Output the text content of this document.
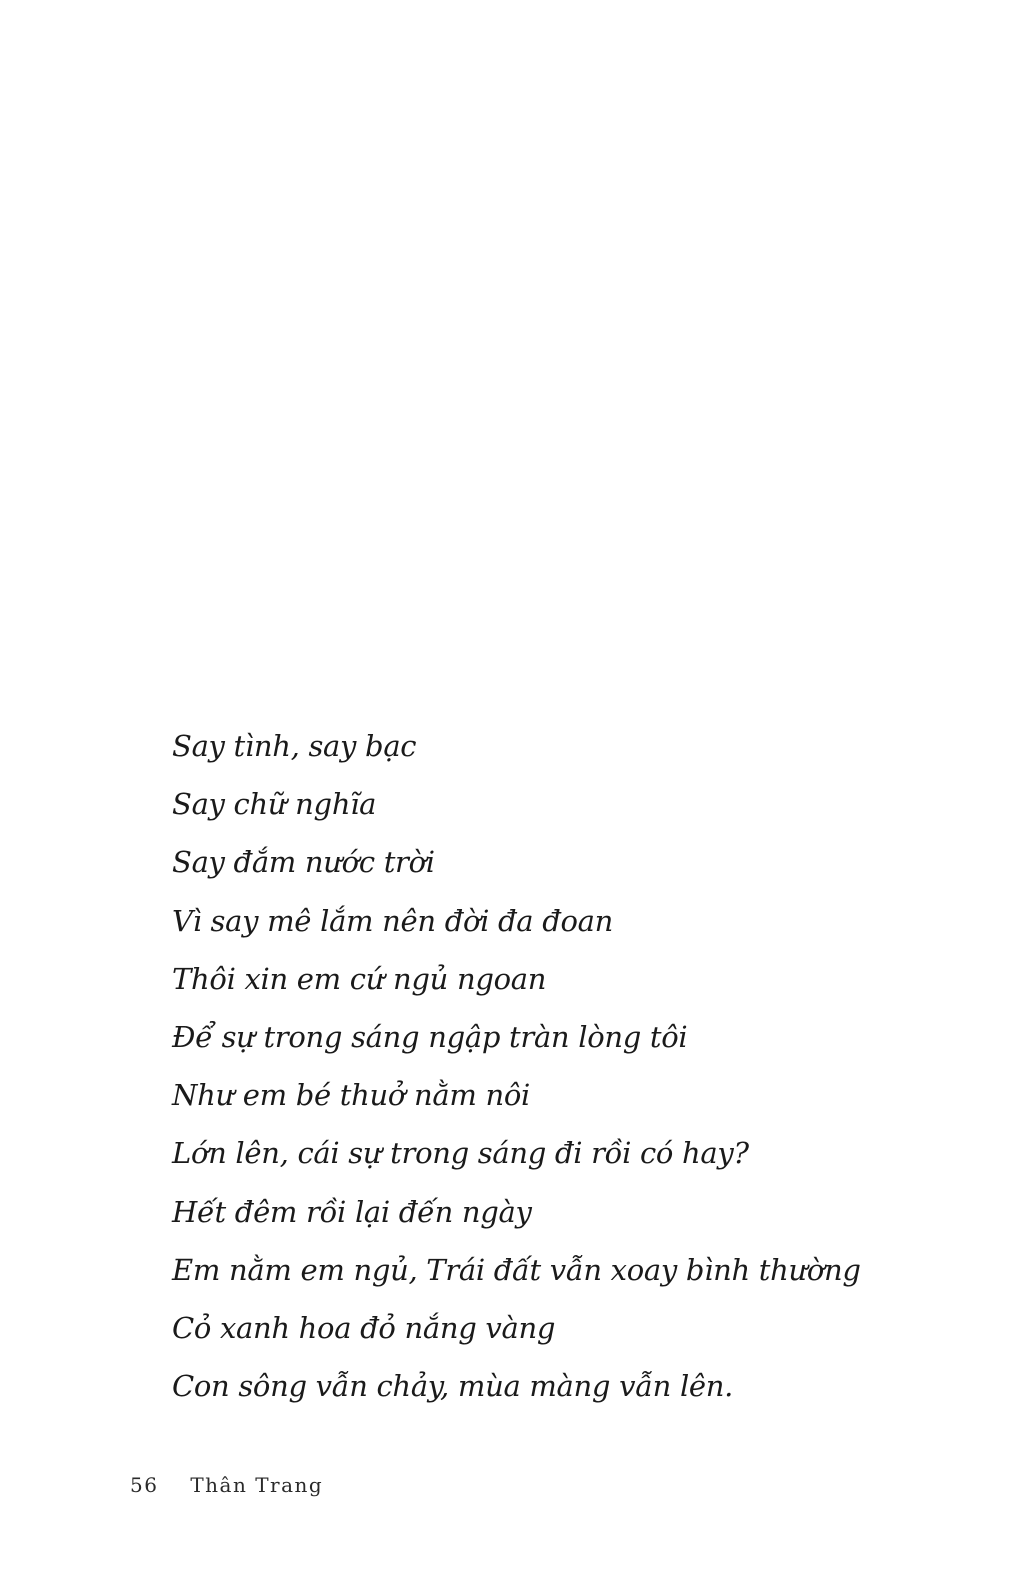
Say tình, say bạc
Say chữ nghĩa
Say đắm nước trời
Vì say mê lắm nên đời đa đoan
Thôi xin em cứ ngủ ngoan
Để sự trong sáng ngập tràn lòng tôi
Như em bé thuở nằm nôi
Lớn lên, cái sự trong sáng đi rồi có hay?
Hết đêm rồi lại đến ngày
Em nằm em ngủ, Trái đất vẫn xoay bình thường
Cỏ xanh hoa đỏ nắng vàng
Con sông vẫn chảy, mùa màng vẫn lên.
56 Thân Trang
